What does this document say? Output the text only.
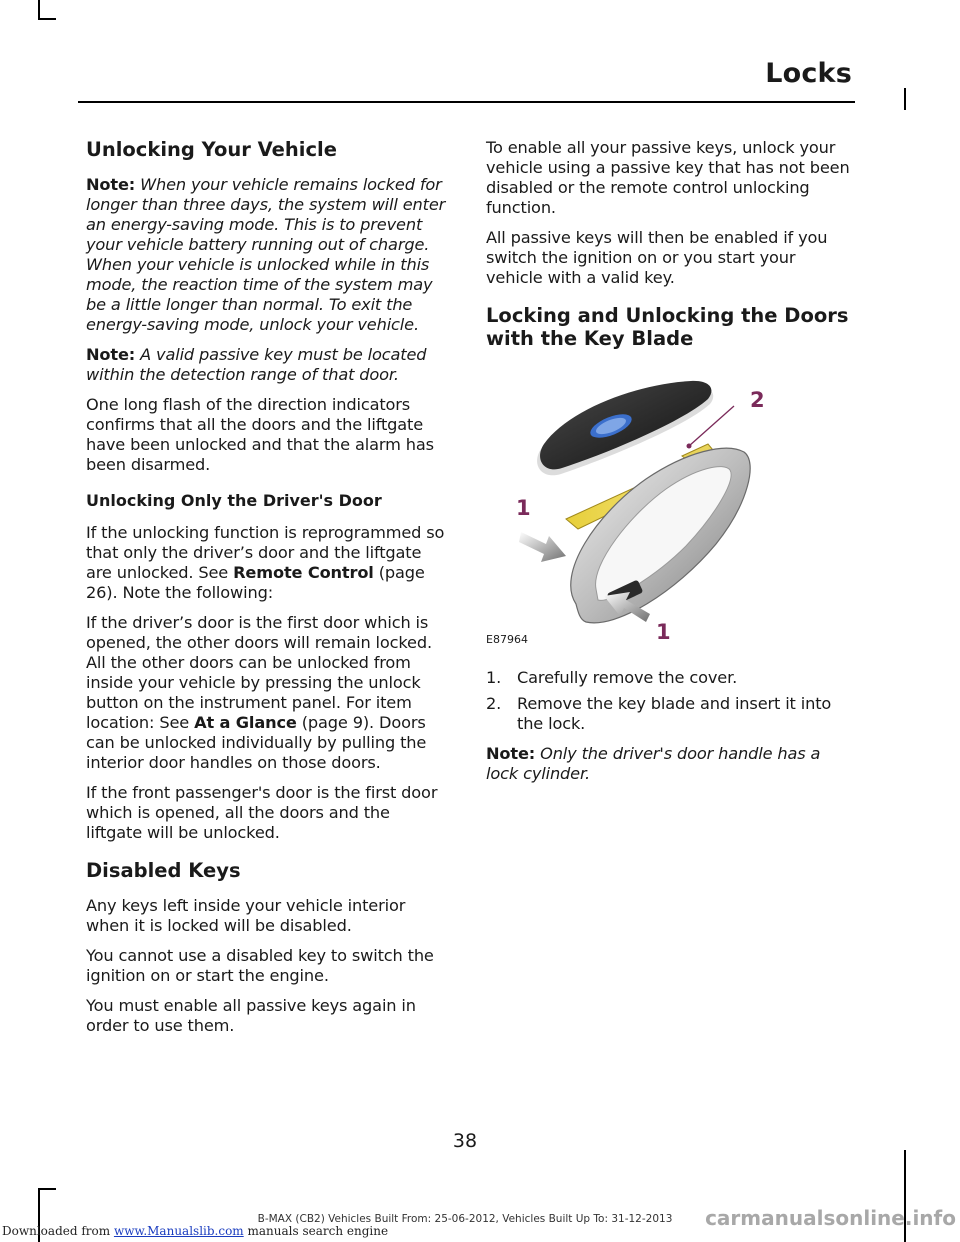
Locks
Unlocking Your Vehicle

Note: When your vehicle remains locked for longer than three days, the system will enter an energy-saving mode. This is to prevent your vehicle battery running out of charge. When your vehicle is unlocked while in this mode, the reaction time of the system may be a little longer than normal. To exit the energy-saving mode, unlock your vehicle.

Note: A valid passive key must be located within the detection range of that door.

One long flash of the direction indicators confirms that all the doors and the liftgate have been unlocked and that the alarm has been disarmed.

Unlocking Only the Driver's Door

If the unlocking function is reprogrammed so that only the driver’s door and the liftgate are unlocked. See Remote Control (page 26). Note the following:

If the driver’s door is the first door which is opened, the other doors will remain locked. All the other doors can be unlocked from inside your vehicle by pressing the unlock button on the instrument panel. For item location: See At a Glance (page 9). Doors can be unlocked individually by pulling the interior door handles on those doors.

If the front passenger's door is the first door which is opened, all the doors and the liftgate will be unlocked.

Disabled Keys

Any keys left inside your vehicle interior when it is locked will be disabled.

You cannot use a disabled key to switch the ignition on or start the engine.

You must enable all passive keys again in order to use them.

To enable all your passive keys, unlock your vehicle using a passive key that has not been disabled or the remote control unlocking function.

All passive keys will then be enabled if you switch the ignition on or you start your vehicle with a valid key.

Locking and Unlocking the Doors with the Key Blade
2
1
1
E87964
1. Carefully remove the cover.
2. Remove the key blade and insert it into the lock.

Note: Only the driver's door handle has a lock cylinder.

38
B-MAX (CB2) Vehicles Built From: 25-06-2012, Vehicles Built Up To: 31-12-2013
Downloaded from www.Manualslib.com manuals search engine
carmanualsonline.info
